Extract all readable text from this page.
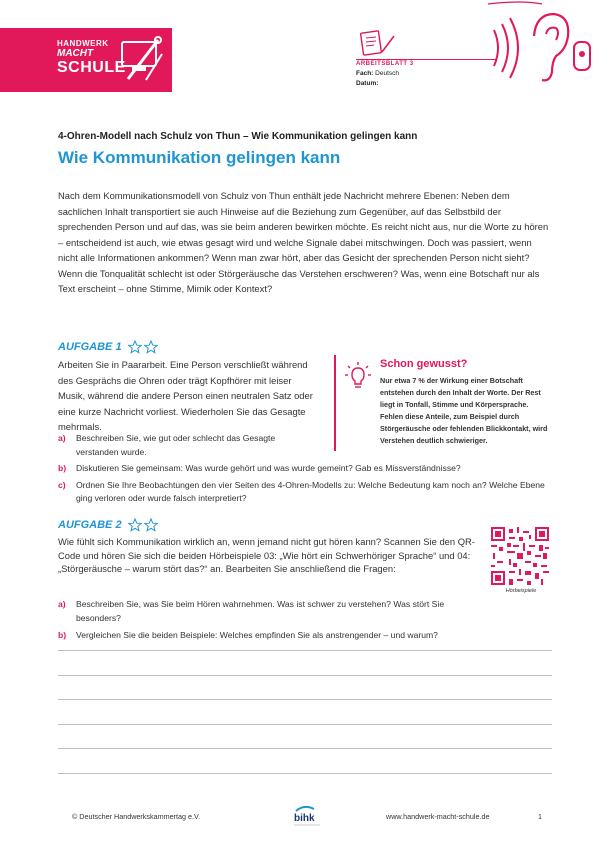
HANDWERK
MACHT
SCHULE	ARBEITSBLATT 3
Fach: Deutsch
Datum:
4-Ohren-Modell nach Schulz von Thun – Wie Kommunikation gelingen kann
Wie Kommunikation gelingen kann
Nach dem Kommunikationsmodell von Schulz von Thun enthält jede Nachricht mehrere Ebenen: Neben dem sachlichen Inhalt transportiert sie auch Hinweise auf die Beziehung zum Gegenüber, auf das Selbstbild der sprechenden Person und auf das, was sie beim anderen bewirken möchte. Es reicht nicht aus, nur die Worte zu hören – entscheidend ist auch, wie etwas gesagt wird und welche Signale dabei mitschwingen. Doch was passiert, wenn nicht alle Informationen ankommen? Wenn man zwar hört, aber das Gesicht der sprechenden Person nicht sieht? Wenn die Tonqualität schlecht ist oder Störgeräusche das Verstehen erschweren? Was, wenn eine Botschaft nur als Text erscheint – ohne Stimme, Mimik oder Kontext?
AUFGABE 1
Arbeiten Sie in Paararbeit. Eine Person verschließt während des Gesprächs die Ohren oder trägt Kopfhörer mit leiser Musik, während die andere Person einen neutralen Satz oder eine kurze Nachricht vorliest. Wiederholen Sie das Gesagte mehrmals.
Schon gewusst?
Nur etwa 7 % der Wirkung einer Botschaft entstehen durch den Inhalt der Worte. Der Rest liegt in Tonfall, Stimme und Körpersprache. Fehlen diese Anteile, zum Beispiel durch Störgeräusche oder fehlenden Blickkontakt, wird Verstehen deutlich schwieriger.
a) Beschreiben Sie, wie gut oder schlecht das Gesagte verstanden wurde.
b) Diskutieren Sie gemeinsam: Was wurde gehört und was wurde gemeint? Gab es Missverständnisse?
c) Ordnen Sie Ihre Beobachtungen den vier Seiten des 4-Ohren-Modells zu: Welche Bedeutung kam noch an? Welche Ebene ging verloren oder wurde falsch interpretiert?
AUFGABE 2
Wie fühlt sich Kommunikation wirklich an, wenn jemand nicht gut hören kann? Scannen Sie den QR-Code und hören Sie sich die beiden Hörbeispiele 03: „Wie hört ein Schwerhöriger Sprache“ und 04: „Störgeräusche – warum stört das?“ an. Bearbeiten Sie anschließend die Fragen:
Hörbeispiele
a) Beschreiben Sie, was Sie beim Hören wahrnehmen. Was ist schwer zu verstehen? Was stört Sie besonders?
b) Vergleichen Sie die beiden Beispiele: Welches empfinden Sie als anstrengender – und warum?
© Deutscher Handwerkskammertag e.V.	bihk	www.handwerk-macht-schule.de	1
